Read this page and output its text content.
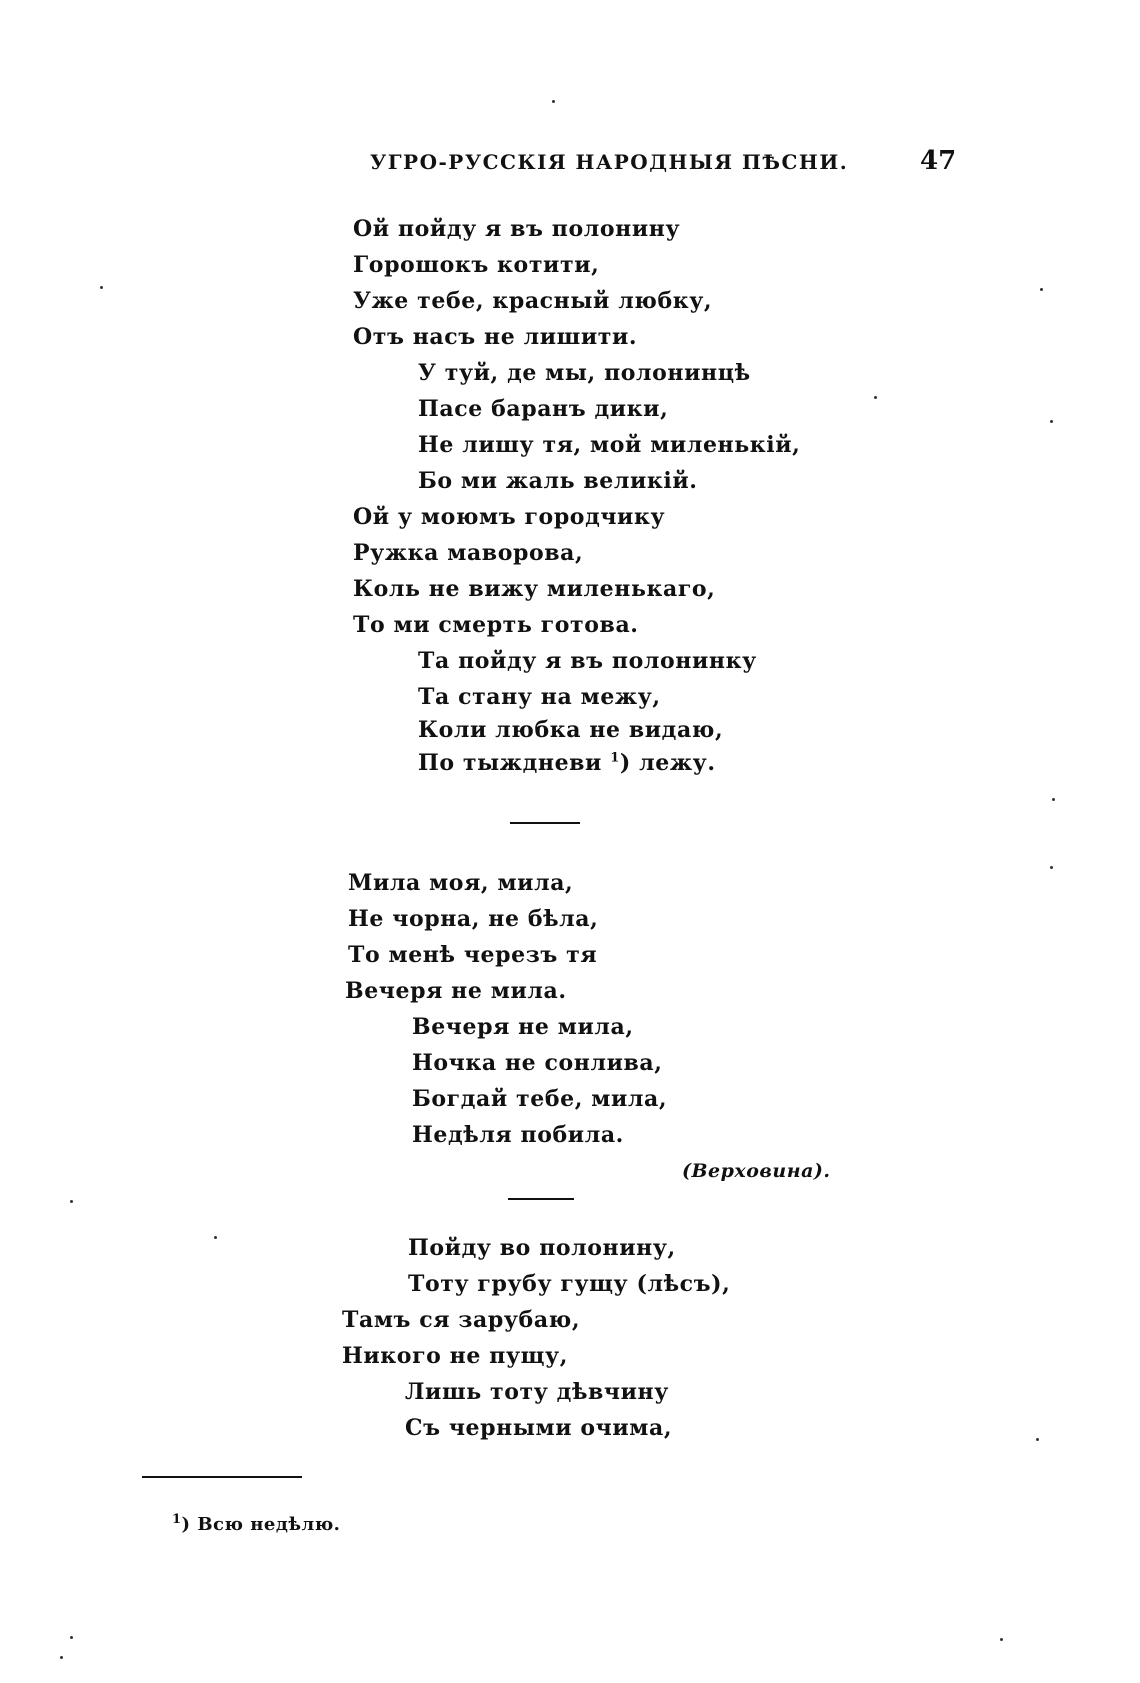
УГРО-РУССКІЯ НАРОДНЫЯ ПѢСНИ.	47
Ой пойду я въ полонину
Горошокъ котити,
Уже тебе, красный любку,
Отъ насъ не лишити.
У туй, де мы, полонинцѣ
Пасе баранъ дики,
Не лишу тя, мой миленькій,
Бо ми жаль великій.
Ой у моюмъ городчику
Ружка маворова,
Коль не вижу миленькаго,
То ми смерть готова.
Та пойду я въ полонинку
Та стану на межу,
Коли любка не видаю,
По тыждневи $^1$) лежу.
Мила моя, мила,
Не чорна, не бѣла,
То менѣ черезъ тя
Вечеря не мила.
Вечеря не мила,
Ночка не сонлива,
Богдай тебе, мила,
Недѣля побила.
(Верховина).
Пойду во полонину,
Тоту грубу гущу (лѣсъ),
Тамъ ся зарубаю,
Никого не пущу,
Лишь тоту дѣвчину
Съ черными очима,
$^1$) Всю недѣлю.
